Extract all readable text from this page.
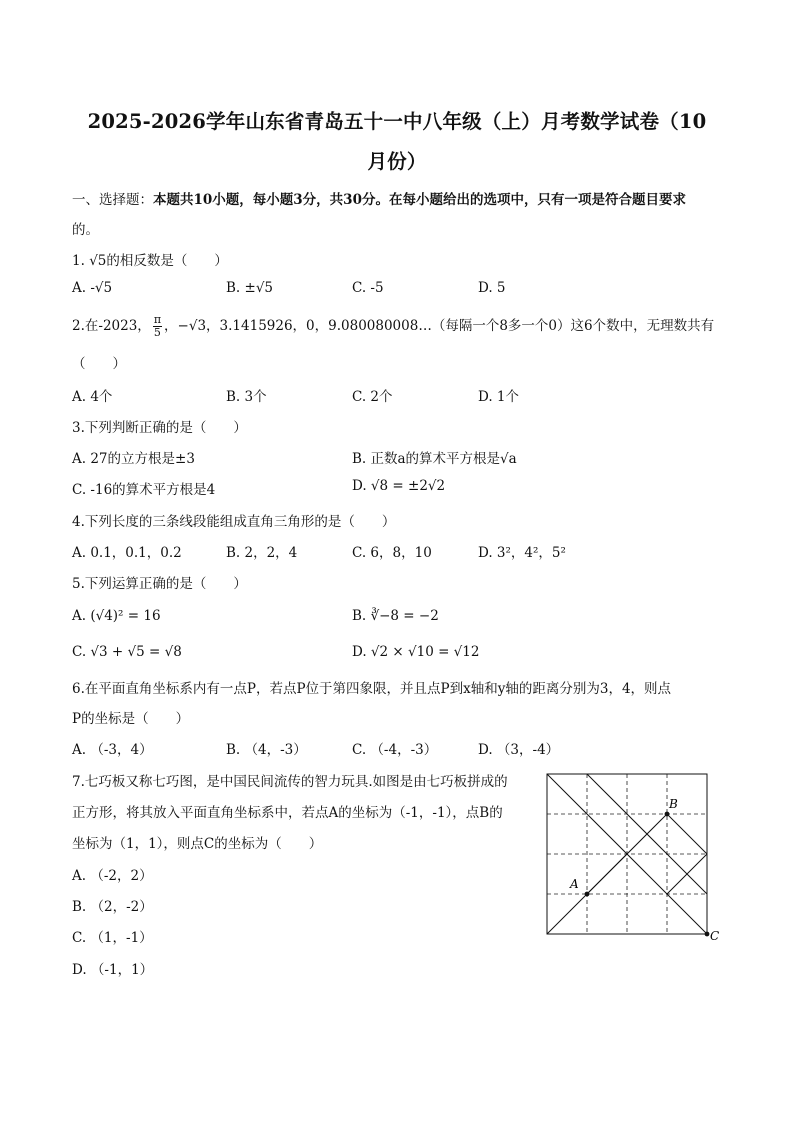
2025-2026学年山东省青岛五十一中八年级（上）月考数学试卷（10
月份）
一、选择题：本题共10小题，每小题3分，共30分。在每小题给出的选项中，只有一项是符合题目要求
的。
1. √5的相反数是（　　）
A. -√5	B. ±√5	C. -5	D. 5
2.在-2023， $\frac{\pi}{5}$ ，−√3，3.1415926，0，9.080080008…（每隔一个8多一个0）这6个数中，无理数共有
（　　）
A. 4个	B. 3个	C. 2个	D. 1个
3.下列判断正确的是（　　）
A. 27的立方根是±3	B. 正数a的算术平方根是√a
C. -16的算术平方根是4	D. √8 = ±2√2
4.下列长度的三条线段能组成直角三角形的是（　　）
A. 0.1，0.1，0.2	B. 2，2，4	C. 6，8，10	D. 3²，4²，5²
5.下列运算正确的是（　　）
A. (√4)² = 16	B. ∛−8 = −2
C. √3 + √5 = √8	D. √2 × √10 = √12
6.在平面直角坐标系内有一点P，若点P位于第四象限，并且点P到x轴和y轴的距离分别为3，4，则点
P的坐标是（　　）
A. （-3，4）	B. （4，-3）	C. （-4，-3）	D. （3，-4）
7.七巧板又称七巧图，是中国民间流传的智力玩具.如图是由七巧板拼成的
正方形，将其放入平面直角坐标系中，若点A的坐标为（-1，-1），点B的
坐标为（1，1），则点C的坐标为（　　）
A. （-2，2）
B. （2，-2）
C. （1，-1）
D. （-1，1）
B
A
C
